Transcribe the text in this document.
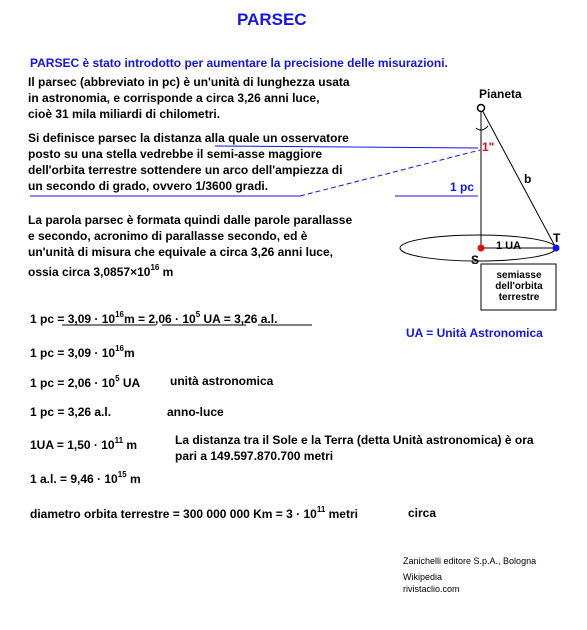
PARSEC
PARSEC è stato introdotto per aumentare la precisione delle misurazioni.
Il parsec (abbreviato in pc) è un'unità di lunghezza usata
in astronomia, e corrisponde a circa 3,26 anni luce,
cioè 31 mila miliardi di chilometri.
Si definisce parsec la distanza alla quale un osservatore
posto su una stella vedrebbe il semi-asse maggiore
dell'orbita terrestre sottendere un arco dell'ampiezza di
un secondo di grado, ovvero 1/3600 gradi.
La parola parsec è formata quindi dalle parole parallasse
e secondo, acronimo di parallasse secondo, ed è
un'unità di misura che equivale a circa 3,26 anni luce,
ossia circa $3,0857\times 10^{16}$ m
Pianeta
1"
b
1 pc
1 UA
T
S
semiasse
dell'orbita
terrestre
UA = Unità Astronomica
1 pc = $3,09 \cdot 10^{16}m = 2,06 \cdot 10^5$ UA = 3,26 a.l.
1 pc = $3,09 \cdot 10^{16}m$
1 pc = $2,06 \cdot 10^5$ UA unità astronomica
1 pc = 3,26 a.l.	anno-luce
$1UA = 1,50 \cdot 10^{11}$ m	La distanza tra il Sole e la Terra (detta Unità astronomica) è ora
pari a 149.597.870.700 metri
1 a.l. = $9,46 \cdot 10^{15}$ m
diametro orbita terrestre = 300 000 000 $Km = 3 \cdot 10^{11}$ metri	circa
Zanichelli editore S.p.A., Bologna
Wikipedia
rivistaclio.com
